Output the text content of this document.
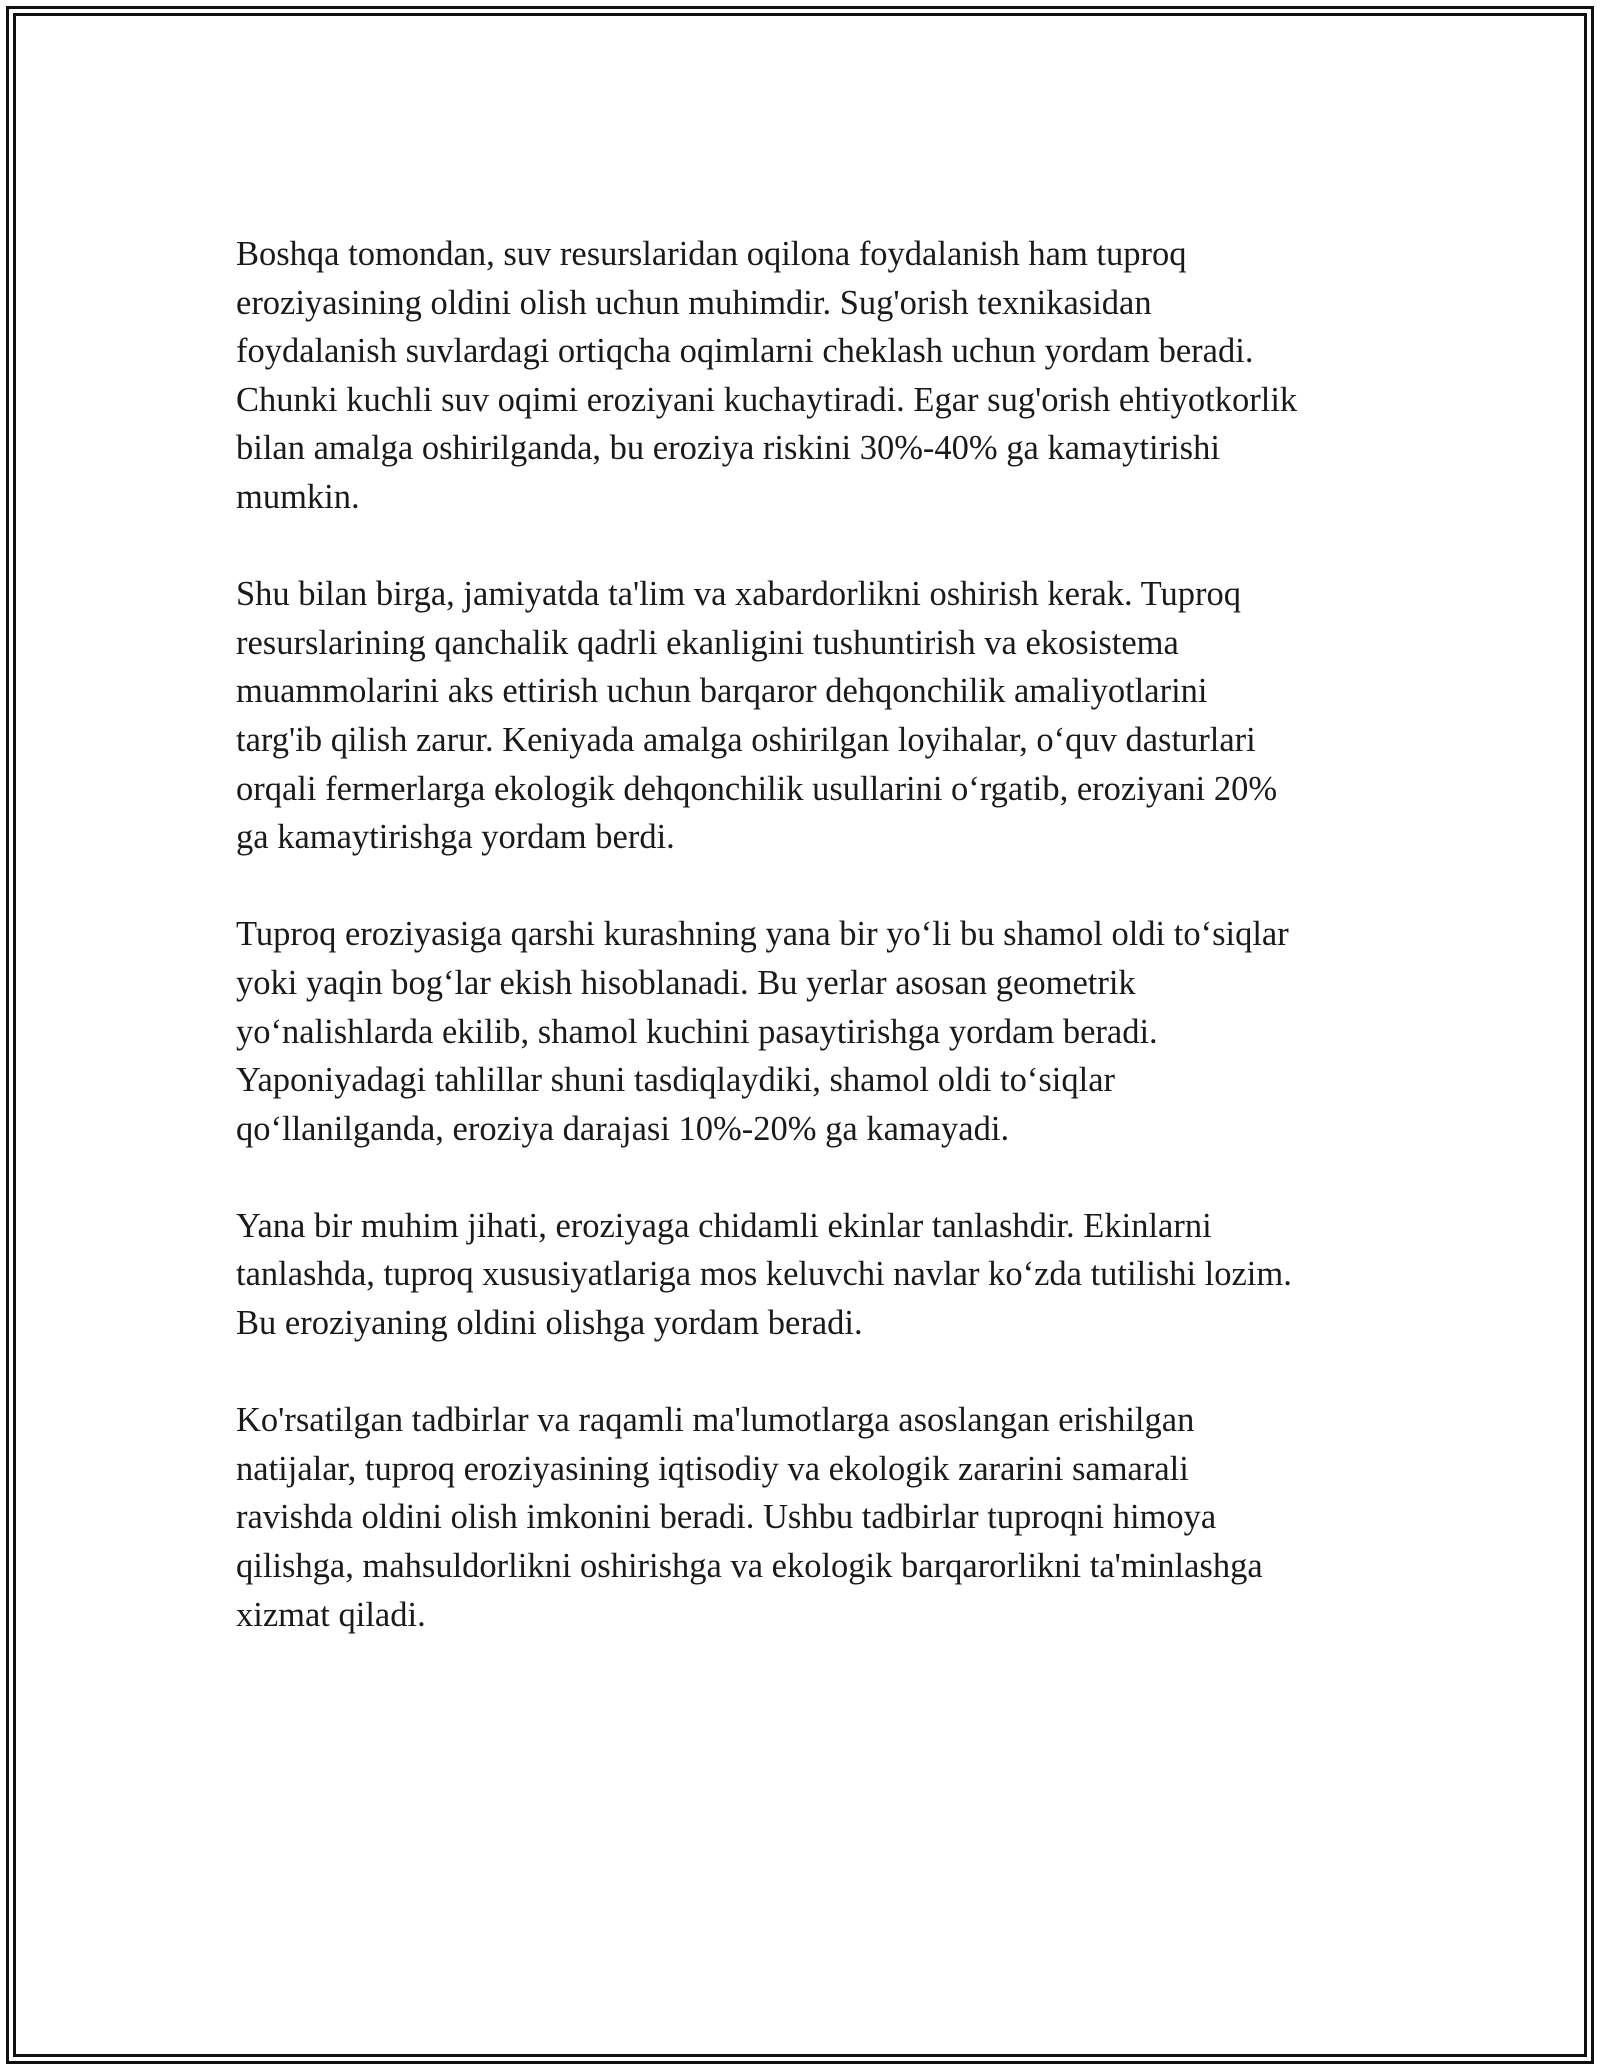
Boshqa tomondan, suv resurslaridan oqilona foydalanish ham tuproq
eroziyasining oldini olish uchun muhimdir. Sug'orish texnikasidan
foydalanish suvlardagi ortiqcha oqimlarni cheklash uchun yordam beradi.
Chunki kuchli suv oqimi eroziyani kuchaytiradi. Egar sug'orish ehtiyotkorlik
bilan amalga oshirilganda, bu eroziya riskini 30%-40% ga kamaytirishi
mumkin.

Shu bilan birga, jamiyatda ta'lim va xabardorlikni oshirish kerak. Tuproq
resurslarining qanchalik qadrli ekanligini tushuntirish va ekosistema
muammolarini aks ettirish uchun barqaror dehqonchilik amaliyotlarini
targ'ib qilish zarur. Keniyada amalga oshirilgan loyihalar, o‘quv dasturlari
orqali fermerlarga ekologik dehqonchilik usullarini o‘rgatib, eroziyani 20%
ga kamaytirishga yordam berdi.

Tuproq eroziyasiga qarshi kurashning yana bir yo‘li bu shamol oldi to‘siqlar
yoki yaqin bog‘lar ekish hisoblanadi. Bu yerlar asosan geometrik
yo‘nalishlarda ekilib, shamol kuchini pasaytirishga yordam beradi.
Yaponiyadagi tahlillar shuni tasdiqlaydiki, shamol oldi to‘siqlar
qo‘llanilganda, eroziya darajasi 10%-20% ga kamayadi.

Yana bir muhim jihati, eroziyaga chidamli ekinlar tanlashdir. Ekinlarni
tanlashda, tuproq xususiyatlariga mos keluvchi navlar ko‘zda tutilishi lozim.
Bu eroziyaning oldini olishga yordam beradi.

Ko'rsatilgan tadbirlar va raqamli ma'lumotlarga asoslangan erishilgan
natijalar, tuproq eroziyasining iqtisodiy va ekologik zararini samarali
ravishda oldini olish imkonini beradi. Ushbu tadbirlar tuproqni himoya
qilishga, mahsuldorlikni oshirishga va ekologik barqarorlikni ta'minlashga
xizmat qiladi.
